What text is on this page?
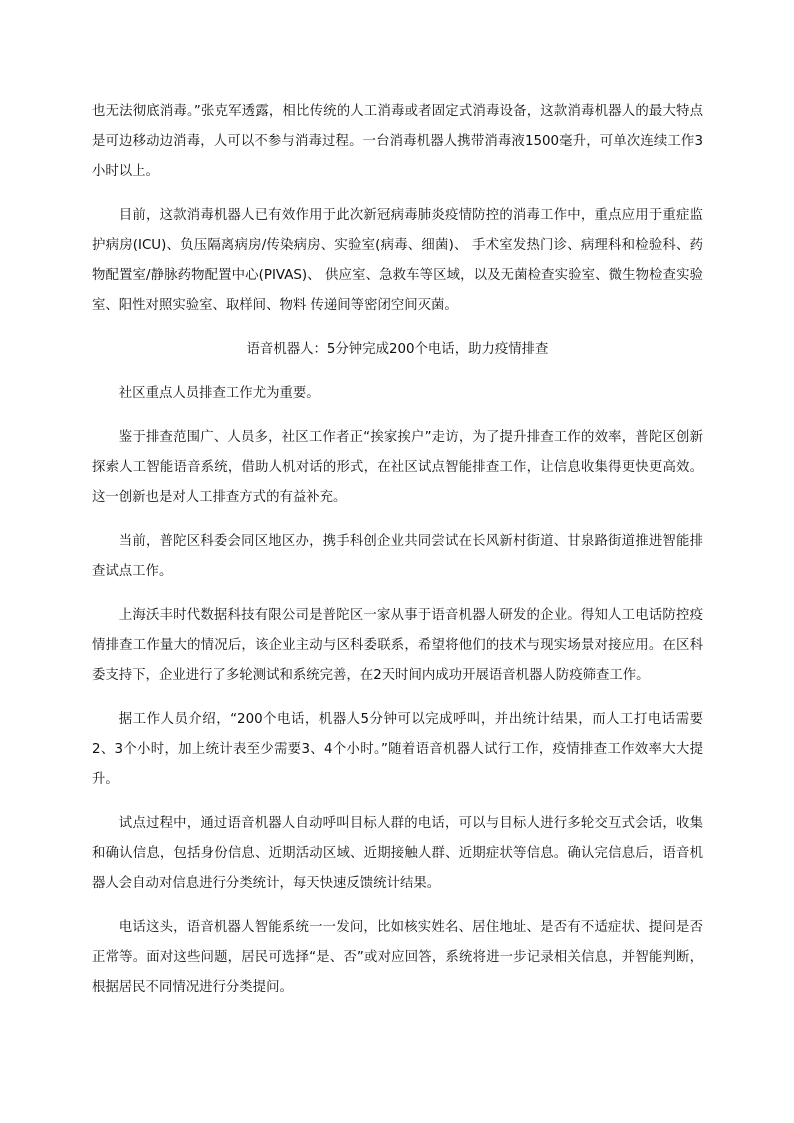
也无法彻底消毒。”张克军透露，相比传统的人工消毒或者固定式消毒设备，这款消毒机器人的最大特点是可边移动边消毒，人可以不参与消毒过程。一台消毒机器人携带消毒液1500毫升，可单次连续工作3小时以上。

目前，这款消毒机器人已有效作用于此次新冠病毒肺炎疫情防控的消毒工作中，重点应用于重症监护病房(ICU)、负压隔离病房/传染病房、实验室(病毒、细菌)、 手术室发热门诊、病理科和检验科、药物配置室/静脉药物配置中心(PIVAS)、 供应室、急救车等区域，以及无菌检查实验室、微生物检查实验室、阳性对照实验室、取样间、物料 传递间等密闭空间灭菌。

语音机器人：5分钟完成200个电话，助力疫情排查

社区重点人员排查工作尤为重要。

鉴于排查范围广、人员多，社区工作者正“挨家挨户”走访，为了提升排查工作的效率，普陀区创新探索人工智能语音系统，借助人机对话的形式，在社区试点智能排查工作，让信息收集得更快更高效。这一创新也是对人工排查方式的有益补充。

当前，普陀区科委会同区地区办，携手科创企业共同尝试在长风新村街道、甘泉路街道推进智能排查试点工作。

上海沃丰时代数据科技有限公司是普陀区一家从事于语音机器人研发的企业。得知人工电话防控疫情排查工作量大的情况后，该企业主动与区科委联系，希望将他们的技术与现实场景对接应用。在区科委支持下，企业进行了多轮测试和系统完善，在2天时间内成功开展语音机器人防疫筛查工作。

据工作人员介绍，“200个电话，机器人5分钟可以完成呼叫，并出统计结果，而人工打电话需要2、3个小时，加上统计表至少需要3、4个小时。”随着语音机器人试行工作，疫情排查工作效率大大提升。

试点过程中，通过语音机器人自动呼叫目标人群的电话，可以与目标人进行多轮交互式会话，收集和确认信息，包括身份信息、近期活动区域、近期接触人群、近期症状等信息。确认完信息后，语音机器人会自动对信息进行分类统计，每天快速反馈统计结果。

电话这头，语音机器人智能系统一一发问，比如核实姓名、居住地址、是否有不适症状、提问是否正常等。面对这些问题，居民可选择“是、否”或对应回答，系统将进一步记录相关信息，并智能判断，根据居民不同情况进行分类提问。
